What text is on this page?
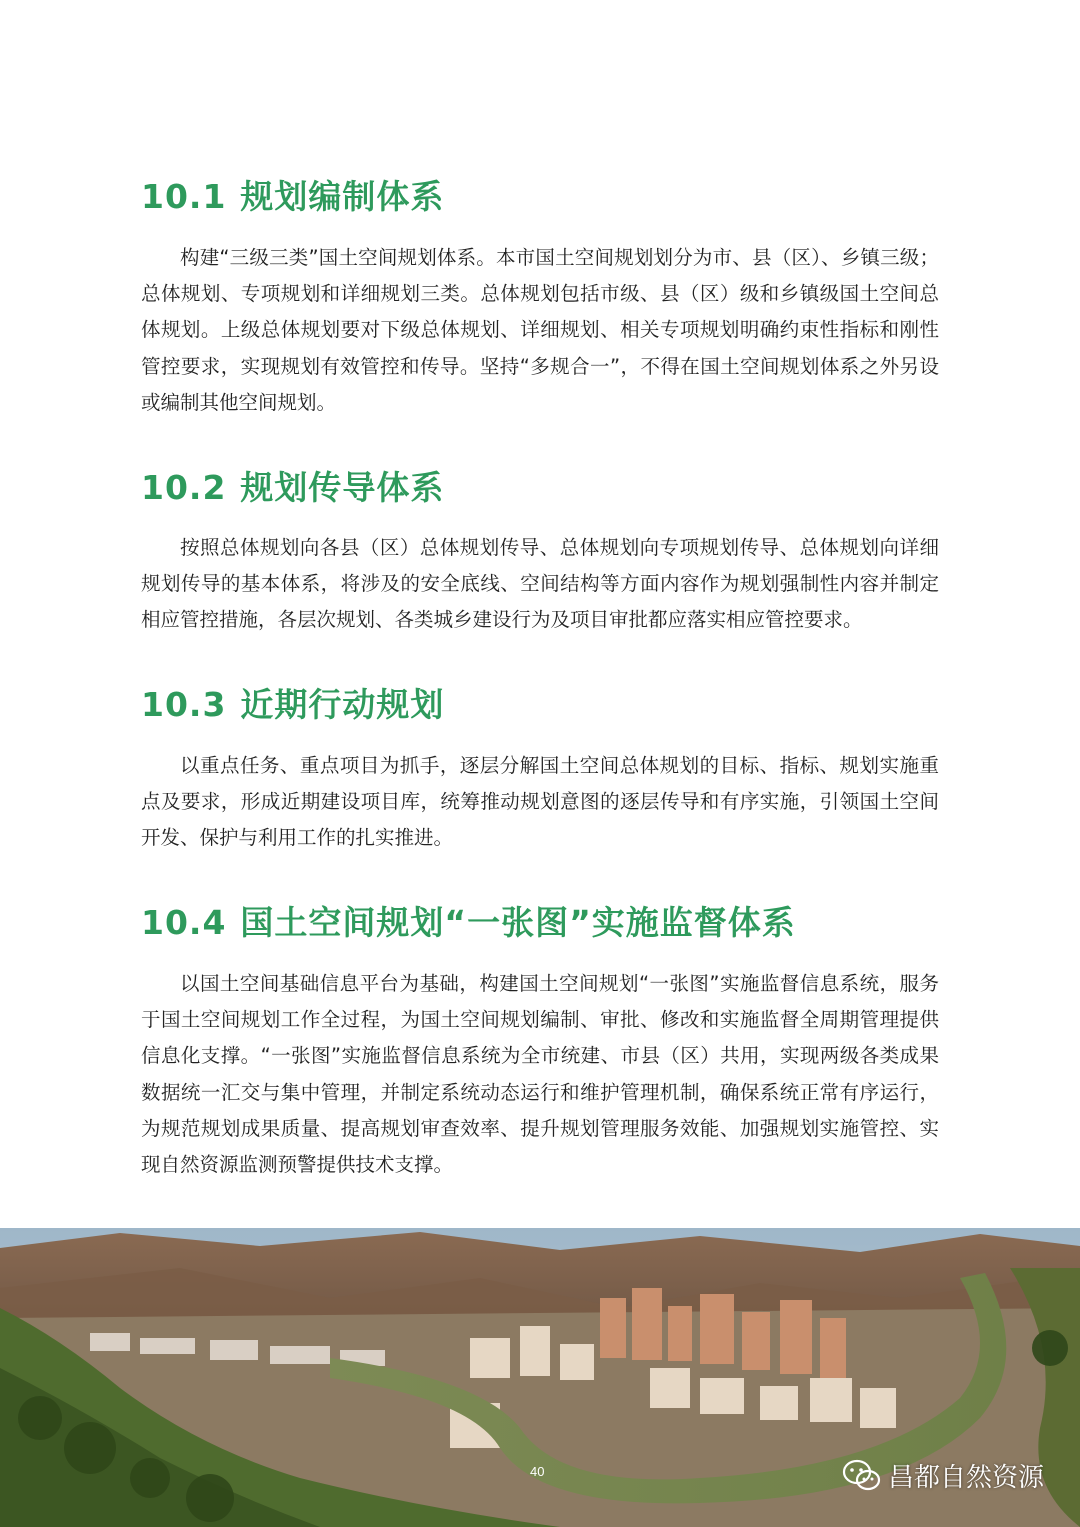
10.1 规划编制体系

构建“三级三类”国土空间规划体系。本市国土空间规划划分为市、县（区）、乡镇三级；总体规划、专项规划和详细规划三类。总体规划包括市级、县（区）级和乡镇级国土空间总体规划。上级总体规划要对下级总体规划、详细规划、相关专项规划明确约束性指标和刚性管控要求，实现规划有效管控和传导。坚持“多规合一”，不得在国土空间规划体系之外另设或编制其他空间规划。

10.2 规划传导体系

按照总体规划向各县（区）总体规划传导、总体规划向专项规划传导、总体规划向详细规划传导的基本体系，将涉及的安全底线、空间结构等方面内容作为规划强制性内容并制定相应管控措施，各层次规划、各类城乡建设行为及项目审批都应落实相应管控要求。

10.3 近期行动规划

以重点任务、重点项目为抓手，逐层分解国土空间总体规划的目标、指标、规划实施重点及要求，形成近期建设项目库，统筹推动规划意图的逐层传导和有序实施，引领国土空间开发、保护与利用工作的扎实推进。

10.4 国土空间规划“一张图”实施监督体系

以国土空间基础信息平台为基础，构建国土空间规划“一张图”实施监督信息系统，服务于国土空间规划工作全过程，为国土空间规划编制、审批、修改和实施监督全周期管理提供信息化支撑。“一张图”实施监督信息系统为全市统建、市县（区）共用，实现两级各类成果数据统一汇交与集中管理，并制定系统动态运行和维护管理机制，确保系统正常有序运行，为规范规划成果质量、提高规划审查效率、提升规划管理服务效能、加强规划实施管控、实现自然资源监测预警提供技术支撑。

40	昌都自然资源
